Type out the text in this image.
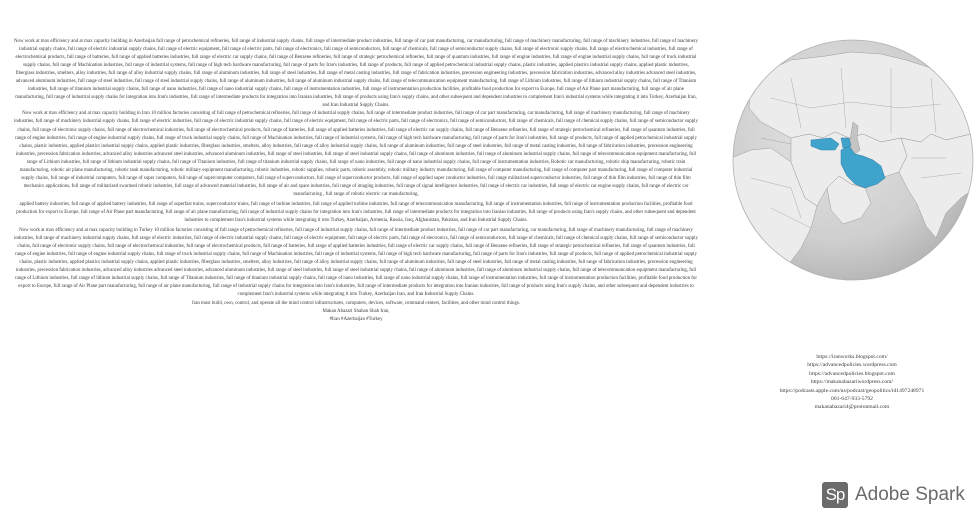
Now work at max efficiency and at max capacity building in Azerbaijan full range of petrochemical refineries, full range of industrial supply chains, full range of intermediate product industries, full range of car part manufacturing, car manufacturing, full range of machinery manufacturing, full range of machinery industries, full range of machinery industrial supply chains, full range of electric industrial supply chains, full range of electric equipment, full range of electric parts, full range of electronics, full range of semiconductors, full range of chemicals, full range of semiconductor supply chains, full range of electronic supply chains, full range of electrochemical industries, full range of electrochemical products, full range of batteries, full range of applied batteries industries, full range of electric car supply chains, full range of Benzene refineries, full range of strategic petrochemical refineries, full range of quantum industries, full range of engine industries, full range of engine industrial supply chains, full range of truck industrial supply chains, full range of Machination industries, full range of industrial systems, full range of high tech hardware manufacturing, full range of parts for Iran's industries, full range of products, full range of applied petrochemical industrial supply chains, plastic industries, applied plastics industrial supply chains, applied plastic industries, fiberglass industries, smelters, alloy industries, full range of alloy industrial supply chains, full range of aluminum industries, full range of steel industries, full range of metal casting industries, full range of fabrication industries, precession engineering industries, precession fabrication industries, advanced alloy industries advanced steel industries, advanced aluminum industries, full range of steel industries, full range of steel industrial supply chains, full range of aluminum industries, full range of aluminum industrial supply chains, full range of telecommunication equipment manufacturing, full range of Lithium industries, full range of lithium industrial supply chains, full range of Titanium industries, full range of titanium industrial supply chains, full range of nano industries, full range of nano industrial supply chains, full range of instrumentation industries, full range of instrumentation production facilities, profitable food production for export to Europe, full range of Air Plane part manufacturing, full range of air plane manufacturing, full range of industrial supply chains for integration into Iran's industries, full range of intermediate products for integration into Iranian industries, full range of products using Iran's supply chains, and other subsequent and dependent industries to complement Iran's industrial systems while integrating it into Turkey, Azerbaijan Iran, and Iran Industrial Supply Chains.

Now work at max efficiency and at max capacity building in Iran 10 million factories consisting of full range of petrochemical refineries, full range of industrial supply chains, full range of intermediate product industries, full range of car part manufacturing, car manufacturing, full range of machinery manufacturing, full range of machinery industries, full range of machinery industrial supply chains, full range of electric industries, full range of electric industrial supply chains, full range of electric equipment, full range of electric parts, full range of electronics, full range of semiconductors, full range of chemicals, full range of chemical supply chains, full range of semiconductor supply chains, full range of electronic supply chains, full range of electrochemical industries, full range of electrochemical products, full range of batteries, full range of applied batteries industries, full range of electric car supply chains, full range of Benzene refineries, full range of strategic petrochemical refineries, full range of quantum industries, full range of engine industries, full range of engine industrial supply chains, full range of truck industrial supply chains, full range of Machination industries, full range of industrial systems, full range of high tech hardware manufacturing, full range of parts for Iran's industries, full range of products, full range of applied petrochemical industrial supply chains, plastic industries, applied plastics industrial supply chains, applied plastic industries, fiberglass industries, smelters, alloy industries, full range of alloy industrial supply chains, full range of aluminum industries, full range of steel industries, full range of metal casting industries, full range of fabrication industries, precession engineering industries, precession fabrication industries, advanced alloy industries advanced steel industries, advanced aluminum industries, full range of steel industries, full range of steel industrial supply chains, full range of aluminum industries, full range of aluminum industrial supply chains, full range of telecommunication equipment manufacturing, full range of Lithium industries, full range of lithium industrial supply chains, full range of Titanium industries, full range of titanium industrial supply chains, full range of nano industries, full range of nano industrial supply chains, full range of instrumentation industries, Robotic car manufacturing, robotic ship manufacturing, robotic train manufacturing, robotic air plane manufacturing, robotic tank manufacturing, robotic military equipment manufacturing, robotic industries, robotic supplies, robotic parts, robotic assembly, robotic military industry manufacturing, full range of computer manufacturing, full range of computer part manufacturing, full range of computer industrial supply chains, full range of industrial computers, full range of super computers, full range of supercomputer computers, full range of superconductors, full range of superconductor products, full range of applied super conductor industries, full range militarized superconductor industries, full range of thin film industries, full range of thin film mechanics applications, full range of militarized swarmed robotic industries, full range of advanced material industries, full range of air and space industries, full range of imaging industries, full range of signal intelligence industries, full range of electric car industries, full range of electric car engine supply chains, full range of electric car manufacturing , full range of robotic electric car manufacturing,

applied battery industries, full range of applied battery industries, full range of superfast trains, superconductor trains, full range of turbine industries, full range of applied turbine industries, full range of telecommunication manufacturing, full range of instrumentation industries, full range of instrumentation production facilities, profitable food production for export to Europe, full range of Air Plane part manufacturing, full range of air plane manufacturing, full range of industrial supply chains for integration into Iran's industries, full range of intermediate products for integration into Iranian industries, full range of products using Iran's supply chains, and other subsequent and dependent industries to complement Iran's industrial systems while integrating it into Turkey, Azerbaijan, Armenia, Russia, Iraq, Afghanistan, Pakistan, and Iran Industrial Supply Chains.

Now work at max efficiency and at max capacity building in Turkey 10 million factories consisting of full range of petrochemical refineries, full range of industrial supply chains, full range of intermediate product industries, full range of car part manufacturing, car manufacturing, full range of machinery manufacturing, full range of machinery industries, full range of machinery industrial supply chains, full range of electric industries, full range of electric industrial supply chains, full range of electric equipment, full range of electric parts, full range of electronics, full range of semiconductors, full range of chemicals, full range of chemical supply chains, full range of semiconductor supply chains, full range of electronic supply chains, full range of electrochemical industries, full range of electrochemical products, full range of batteries, full range of applied batteries industries, full range of electric car supply chains, full range of Benzene refineries, full range of strategic petrochemical refineries, full range of quantum industries, full range of engine industries, full range of engine industrial supply chains, full range of truck industrial supply chains, full range of Machination industries, full range of industrial systems, full range of high tech hardware manufacturing, full range of parts for Iran's industries, full range of products, full range of applied petrochemical industrial supply chains, plastic industries, applied plastics industrial supply chains, applied plastic industries, fiberglass industries, smelters, alloy industries, full range of alloy industrial supply chains, full range of aluminum industries, full range of steel industries, full range of metal casting industries, full range of fabrication industries, precession engineering industries, precession fabrication industries, advanced alloy industries advanced steel industries, advanced aluminum industries, full range of steel industries, full range of steel industrial supply chains, full range of aluminum industries, full range of aluminum industrial supply chains, full range of telecommunication equipment manufacturing, full range of Lithium industries, full range of lithium industrial supply chains, full range of Titanium industries, full range of titanium industrial supply chains, full range of nano industries, full range of nano industrial supply chains, full range of instrumentation industries, full range of instrumentation production facilities, profitable food production for export to Europe, full range of Air Plane part manufacturing, full range of air plane manufacturing, full range of industrial supply chains for integration into Iran's industries, full range of intermediate products for integration into Iranian industries, full range of products using Iran's supply chains, and other subsequent and dependent industries to complement Iran's industrial systems while integrating it into Turkey, Azerbaijan Iran, and Iran Industrial Supply Chains.

Iran must build, own, control, and operate all the mind control infrastructures, computers, devices, software, command centers, facilities, and other mind control things.

Makan Abazari Shahan Shah Iran,

#Iran #Azerbaijan #Turkey

https://iranworks.blogspot.com/

https://advancedpolicies.wordpress.com

https://advancedpolicies.blogspot.com

https://makanabazariwordpress.com/

https://podcasts.apple.com/us/podcast/geopolitics/id1497248971

001-647-933-5792

makanabazari4@protonmail.com

Sp Adobe Spark
